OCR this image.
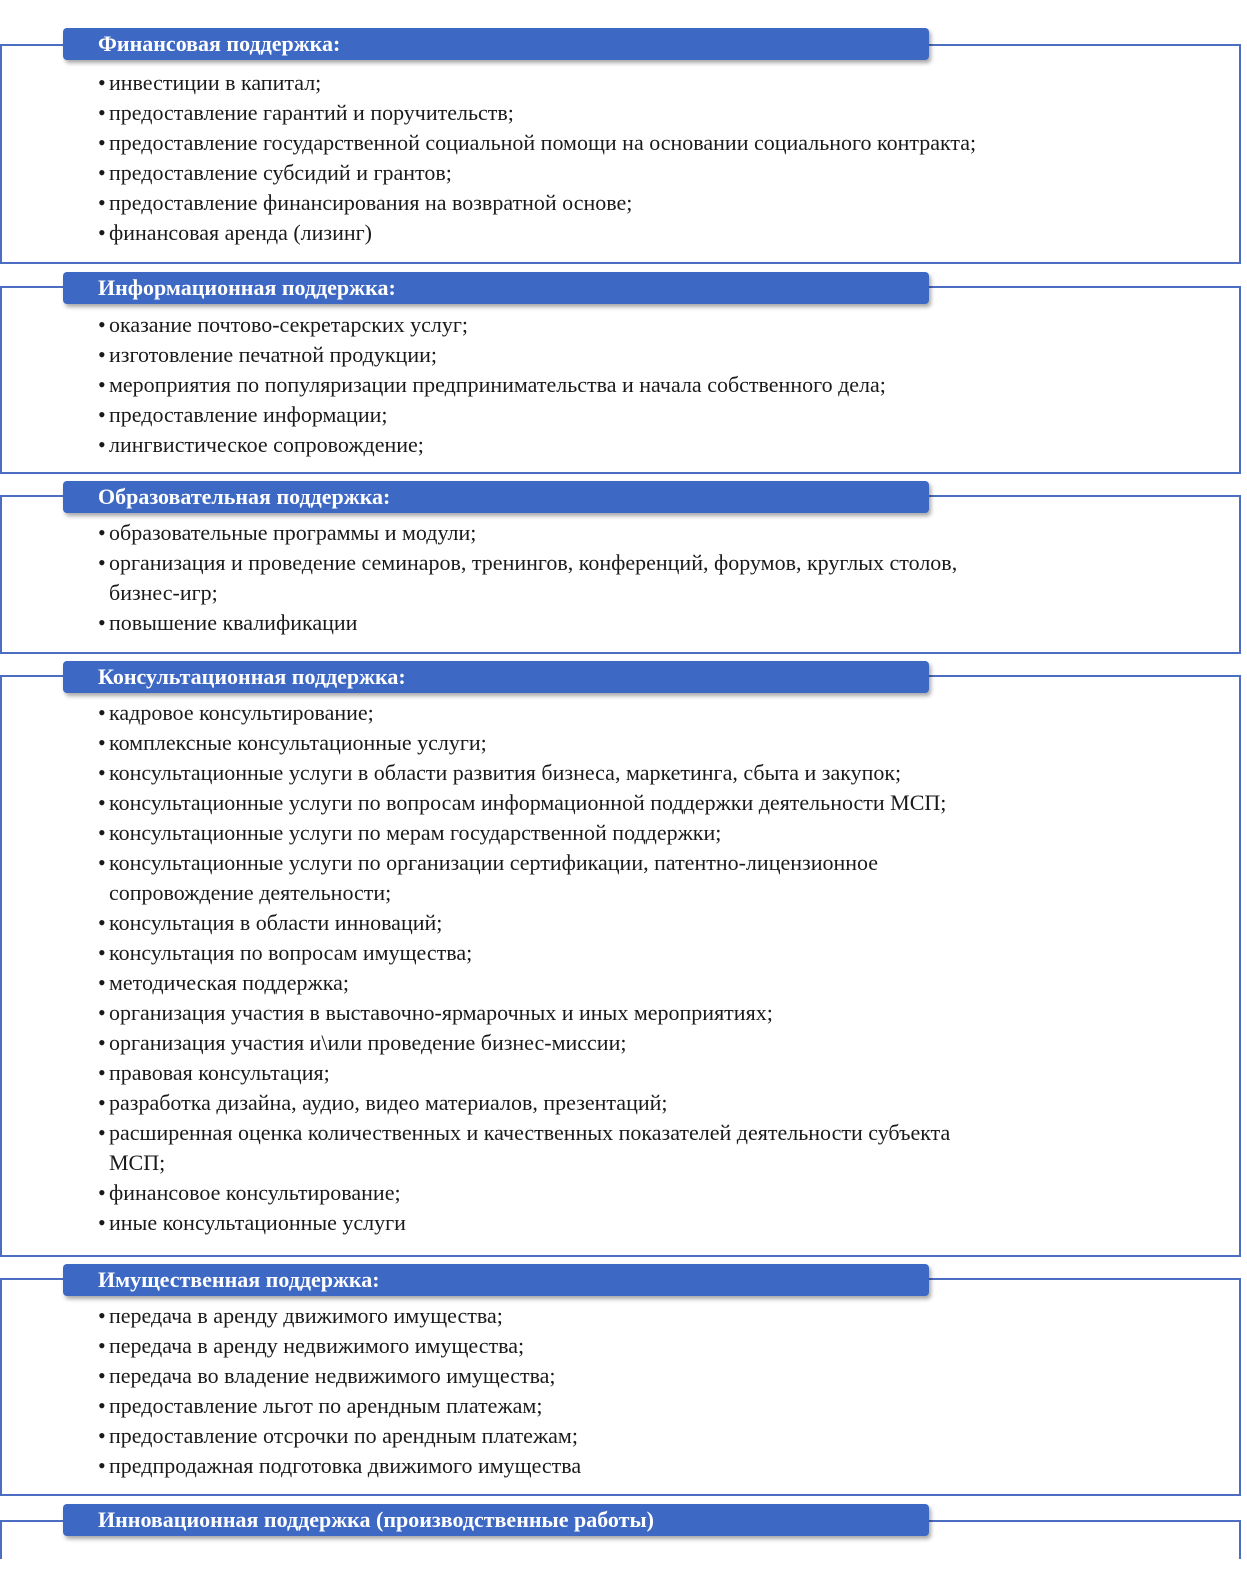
Финансовая поддержка:
• инвестиции в капитал;
• предоставление гарантий и поручительств;
• предоставление государственной социальной помощи на основании социального контракта;
• предоставление субсидий и грантов;
• предоставление финансирования на возвратной основе;
• финансовая аренда (лизинг)
Информационная поддержка:
• оказание почтово-секретарских услуг;
• изготовление печатной продукции;
• мероприятия по популяризации предпринимательства и начала собственного дела;
• предоставление информации;
• лингвистическое сопровождение;
Образовательная поддержка:
• образовательные программы и модули;
• организация и проведение семинаров, тренингов, конференций, форумов, круглых столов,
бизнес-игр;
• повышение квалификации
Консультационная поддержка:
• кадровое консультирование;
• комплексные консультационные услуги;
• консультационные услуги в области развития бизнеса, маркетинга, сбыта и закупок;
• консультационные услуги по вопросам информационной поддержки деятельности МСП;
• консультационные услуги по мерам государственной поддержки;
• консультационные услуги по организации сертификации, патентно-лицензионное
сопровождение деятельности;
• консультация в области инноваций;
• консультация по вопросам имущества;
• методическая поддержка;
• организация участия в выставочно-ярмарочных и иных мероприятиях;
• организация участия и\или проведение бизнес-миссии;
• правовая консультация;
• разработка дизайна, аудио, видео материалов, презентаций;
• расширенная оценка количественных и качественных показателей деятельности субъекта
МСП;
• финансовое консультирование;
• иные консультационные услуги
Имущественная поддержка:
• передача в аренду движимого имущества;
• передача в аренду недвижимого имущества;
• передача во владение недвижимого имущества;
• предоставление льгот по арендным платежам;
• предоставление отсрочки по арендным платежам;
• предпродажная подготовка движимого имущества
Инновационная поддержка (производственные работы)
